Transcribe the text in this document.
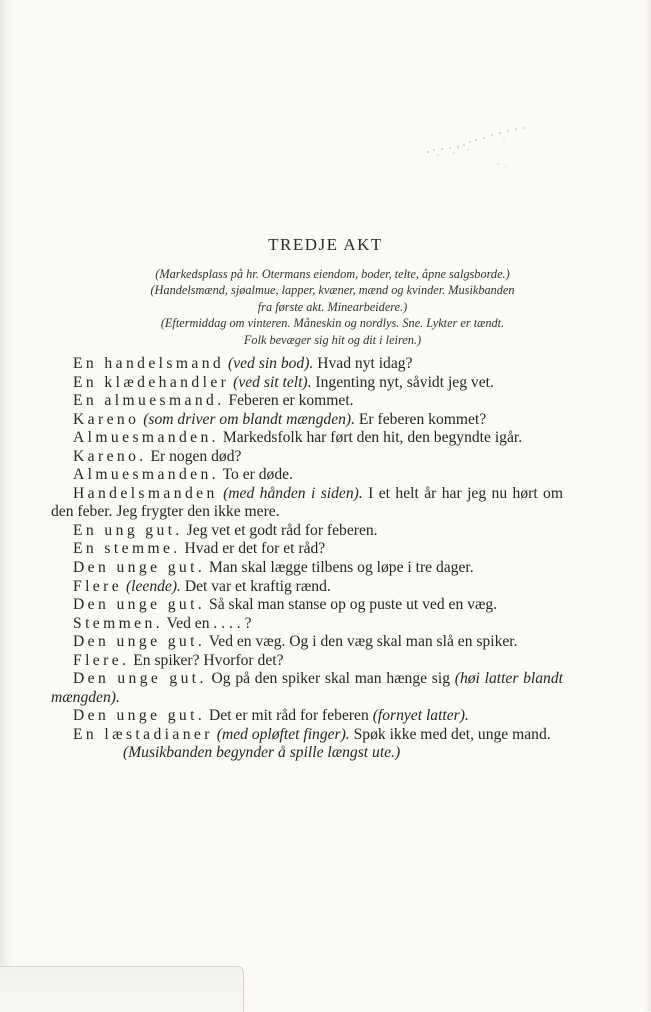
TREDJE AKT
(Markedsplass på hr. Otermans eiendom, boder, telte, åpne salgsborde.)
(Handelsmænd, sjøalmue, lapper, kvæner, mænd og kvinder. Musikbanden
fra første akt. Minearbeidere.)
(Eftermiddag om vinteren. Måneskin og nordlys. Sne. Lykter er tændt.
Folk bevæger sig hit og dit i leiren.)

En handelsmand (ved sin bod). Hvad nyt idag?

En klædehandler (ved sit telt). Ingenting nyt, såvidt jeg vet.

En almuesmand. Feberen er kommet.

Kareno (som driver om blandt mængden). Er feberen kommet?

Almuesmanden. Markedsfolk har ført den hit, den begyndte igår.

Kareno. Er nogen død?

Almuesmanden. To er døde.

Handelsmanden (med hånden i siden). I et helt år har jeg nu hørt om den feber. Jeg frygter den ikke mere.

En ung gut. Jeg vet et godt råd for feberen.

En stemme. Hvad er det for et råd?

Den unge gut. Man skal lægge tilbens og løpe i tre dager.

Flere (leende). Det var et kraftig rænd.

Den unge gut. Så skal man stanse op og puste ut ved en væg.

Stemmen. Ved en . . . . ?

Den unge gut. Ved en væg. Og i den væg skal man slå en spiker.

Flere. En spiker? Hvorfor det?

Den unge gut. Og på den spiker skal man hænge sig (høi latter blandt mængden).

Den unge gut. Det er mit råd for feberen (fornyet latter).

En læstadianer (med opløftet finger). Spøk ikke med det, unge mand.

(Musikbanden begynder å spille længst ute.)
